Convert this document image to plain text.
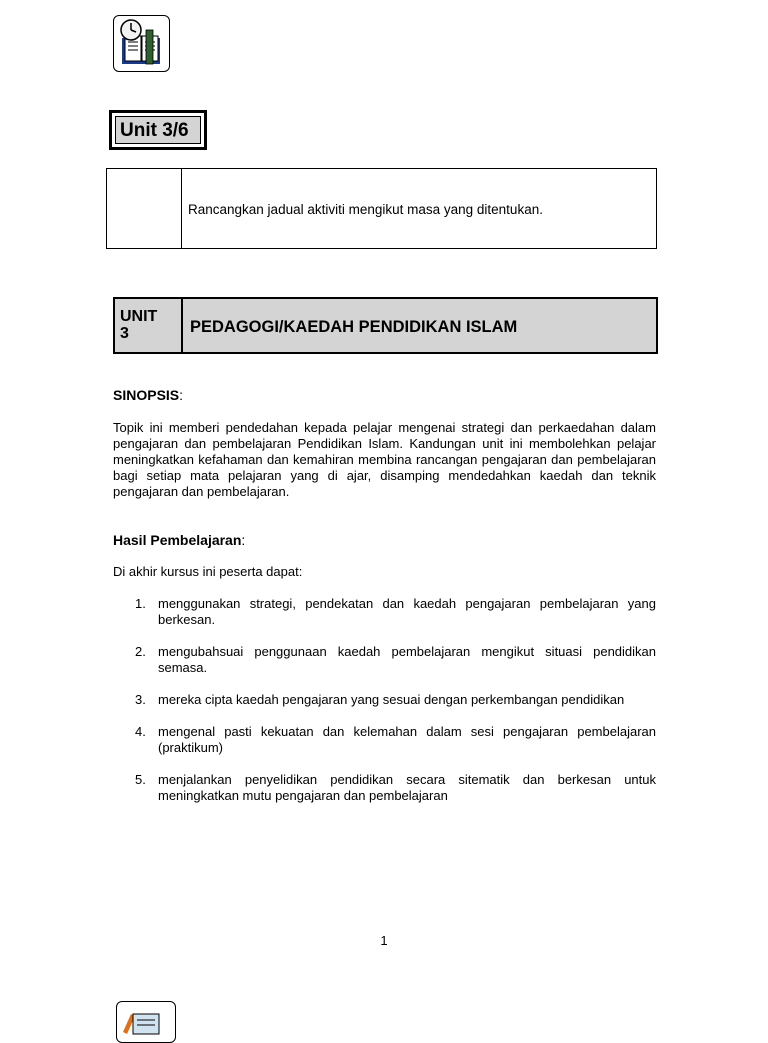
Unit 3/6
Rancangkan jadual aktiviti mengikut masa yang ditentukan.
UNIT
3	PEDAGOGI/KAEDAH PENDIDIKAN ISLAM
SINOPSIS:
Topik ini memberi pendedahan kepada pelajar mengenai strategi dan perkaedahan dalam pengajaran dan pembelajaran Pendidikan Islam. Kandungan unit ini membolehkan pelajar meningkatkan kefahaman dan kemahiran membina rancangan pengajaran dan pembelajaran bagi setiap mata pelajaran yang di ajar, disamping mendedahkan kaedah dan teknik pengajaran dan pembelajaran.
Hasil Pembelajaran:
Di akhir kursus ini peserta dapat:
1. menggunakan strategi, pendekatan dan kaedah pengajaran pembelajaran yang berkesan.
2. mengubahsuai penggunaan kaedah pembelajaran mengikut situasi pendidikan semasa.
3. mereka cipta kaedah pengajaran yang sesuai dengan perkembangan pendidikan
4. mengenal pasti kekuatan dan kelemahan dalam sesi pengajaran pembelajaran (praktikum)
5. menjalankan penyelidikan pendidikan secara sitematik dan berkesan untuk meningkatkan mutu pengajaran dan pembelajaran
1
